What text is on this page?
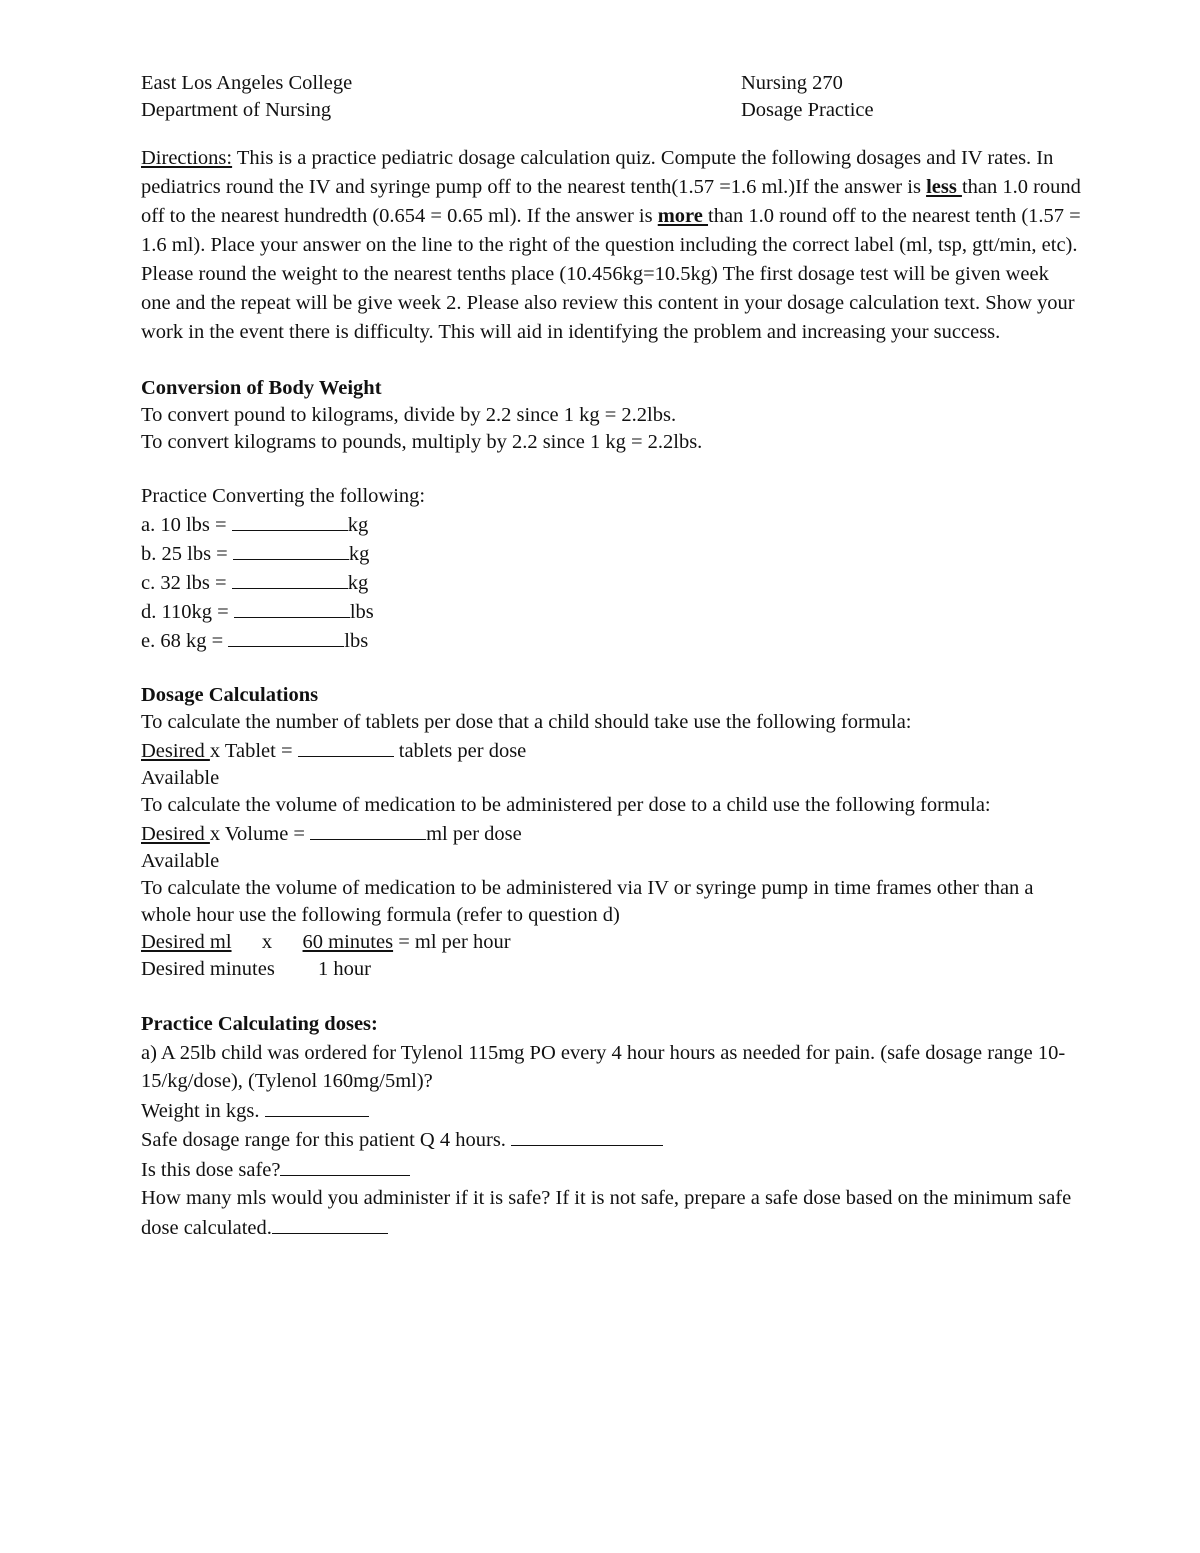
East Los Angeles College
Department of Nursing
Nursing 270
Dosage Practice
Directions: This is a practice pediatric dosage calculation quiz. Compute the following dosages and IV rates. In pediatrics round the IV and syringe pump off to the nearest tenth(1.57 =1.6 ml.)If the answer is less than 1.0 round off to the nearest hundredth (0.654 = 0.65 ml). If the answer is more than 1.0 round off to the nearest tenth (1.57 = 1.6 ml). Place your answer on the line to the right of the question including the correct label (ml, tsp, gtt/min, etc). Please round the weight to the nearest tenths place (10.456kg=10.5kg) The first dosage test will be given week one and the repeat will be give week 2. Please also review this content in your dosage calculation text. Show your work in the event there is difficulty. This will aid in identifying the problem and increasing your success.
Conversion of Body Weight
To convert pound to kilograms, divide by 2.2 since 1 kg = 2.2lbs.
To convert kilograms to pounds, multiply by 2.2 since 1 kg = 2.2lbs.
Practice Converting the following:
a. 10 lbs =	kg
b. 25 lbs =	kg
c. 32 lbs =	kg
d. 110kg =	lbs
e. 68 kg =	lbs
Dosage Calculations
To calculate the number of tablets per dose that a child should take use the following formula:
Desired x Tablet =	tablets per dose
Available
To calculate the volume of medication to be administered per dose to a child use the following formula:
Desired x Volume =	ml per dose
Available
To calculate the volume of medication to be administered via IV or syringe pump in time frames other than a whole hour use the following formula (refer to question d)
Desired ml x 60 minutes = ml per hour
Desired minutes 1 hour
Practice Calculating doses:
a) A 25lb child was ordered for Tylenol 115mg PO every 4 hour hours as needed for pain. (safe dosage range 10-15/kg/dose), (Tylenol 160mg/5ml)?
Weight in kgs.
Safe dosage range for this patient Q 4 hours.
Is this dose safe?
How many mls would you administer if it is safe? If it is not safe, prepare a safe dose based on the minimum safe dose calculated.
